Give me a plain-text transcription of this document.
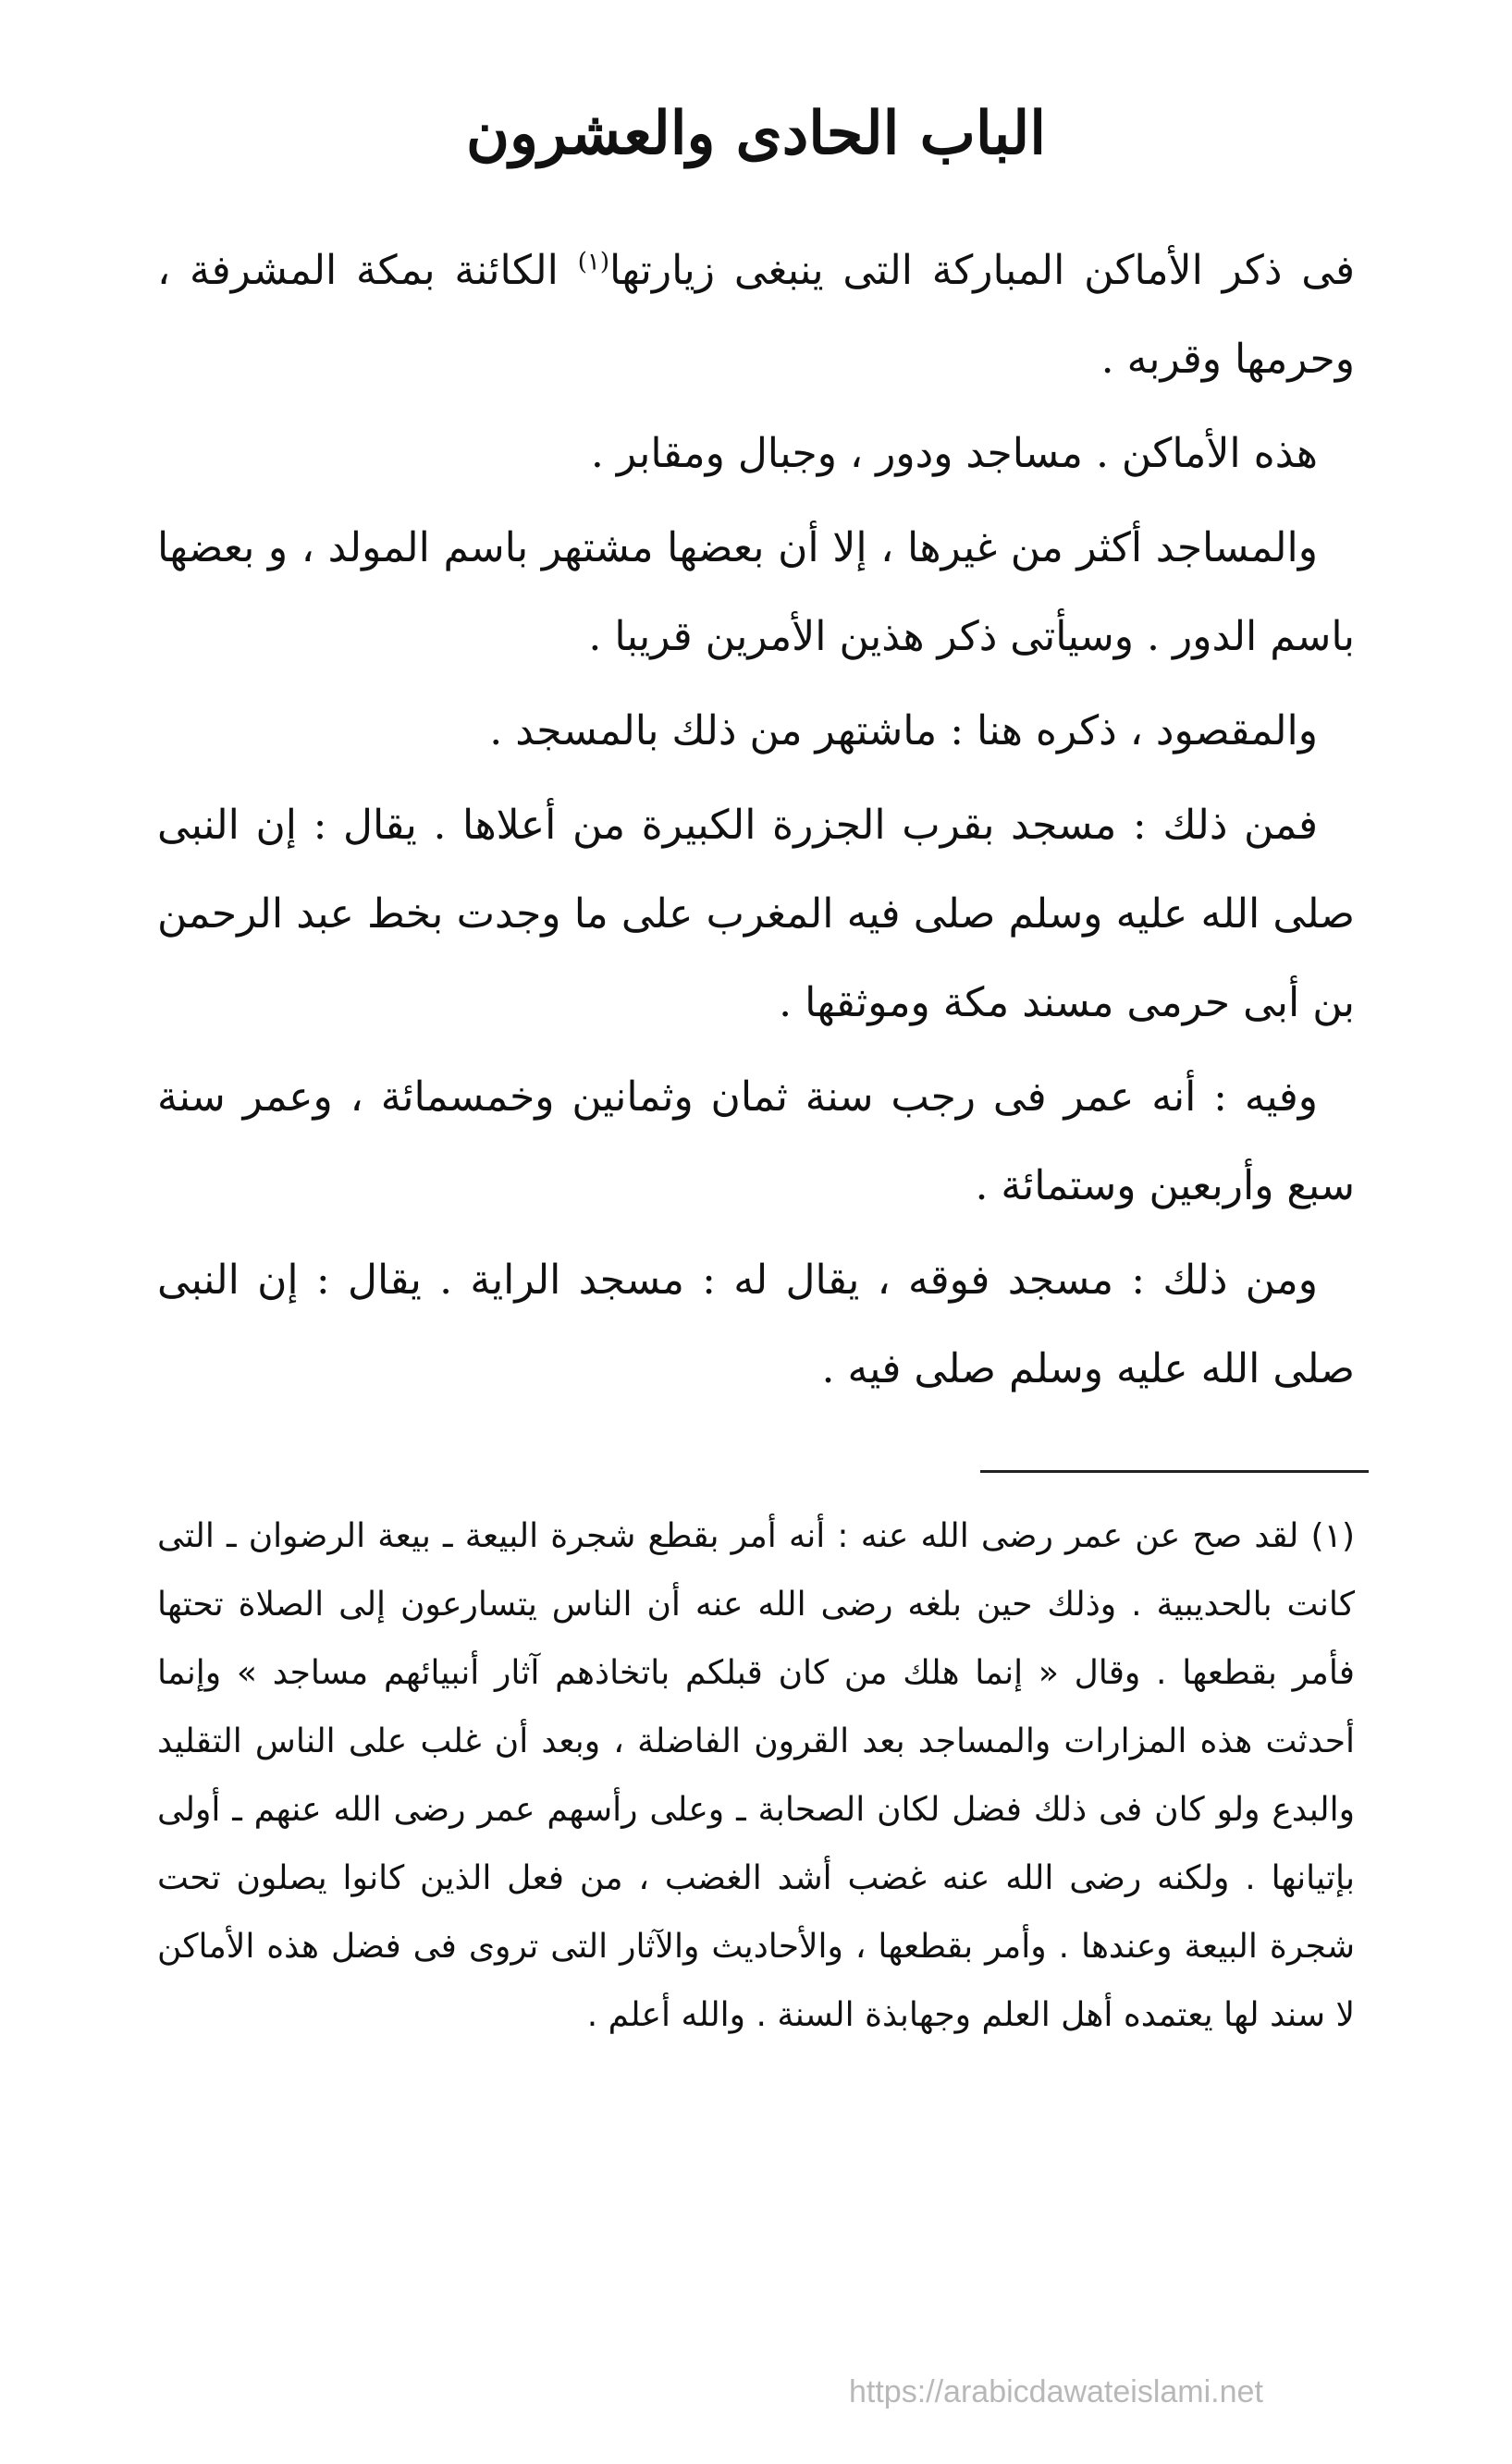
الباب الحادى والعشرون

فى ذكر الأماكن المباركة التى ينبغى زيارتها$^{(١)}$ الكائنة بمكة المشرفة ، وحرمها وقربه .

هذه الأماكن . مساجد ودور ، وجبال ومقابر .

والمساجد أكثر من غيرها ، إلا أن بعضها مشتهر باسم المولد ، و بعضها باسم الدور . وسيأتى ذكر هذين الأمرين قريبا .

والمقصود ، ذكره هنا : ماشتهر من ذلك بالمسجد .

فمن ذلك : مسجد بقرب الجزرة الكبيرة من أعلاها . يقال : إن النبى صلى الله عليه وسلم صلى فيه المغرب على ما وجدت بخط عبد الرحمن بن أبى حرمى مسند مكة وموثقها .

وفيه : أنه عمر فى رجب سنة ثمان وثمانين وخمسمائة ، وعمر سنة سبع وأربعين وستمائة .

ومن ذلك : مسجد فوقه ، يقال له : مسجد الراية . يقال : إن النبى صلى الله عليه وسلم صلى فيه .

(١) لقد صح عن عمر رضى الله عنه : أنه أمر بقطع شجرة البيعة ـ بيعة الرضوان ـ التى كانت بالحديبية . وذلك حين بلغه رضى الله عنه أن الناس يتسارعون إلى الصلاة تحتها فأمر بقطعها . وقال « إنما هلك من كان قبلكم باتخاذهم آثار أنبيائهم مساجد » وإنما أحدثت هذه المزارات والمساجد بعد القرون الفاضلة ، وبعد أن غلب على الناس التقليد والبدع ولو كان فى ذلك فضل لكان الصحابة ـ وعلى رأسهم عمر رضى الله عنهم ـ أولى بإتيانها . ولكنه رضى الله عنه غضب أشد الغضب ، من فعل الذين كانوا يصلون تحت شجرة البيعة وعندها . وأمر بقطعها ، والأحاديث والآثار التى تروى فى فضل هذه الأماكن لا سند لها يعتمده أهل العلم وجهابذة السنة . والله أعلم .

https://arabicdawateislami.net
